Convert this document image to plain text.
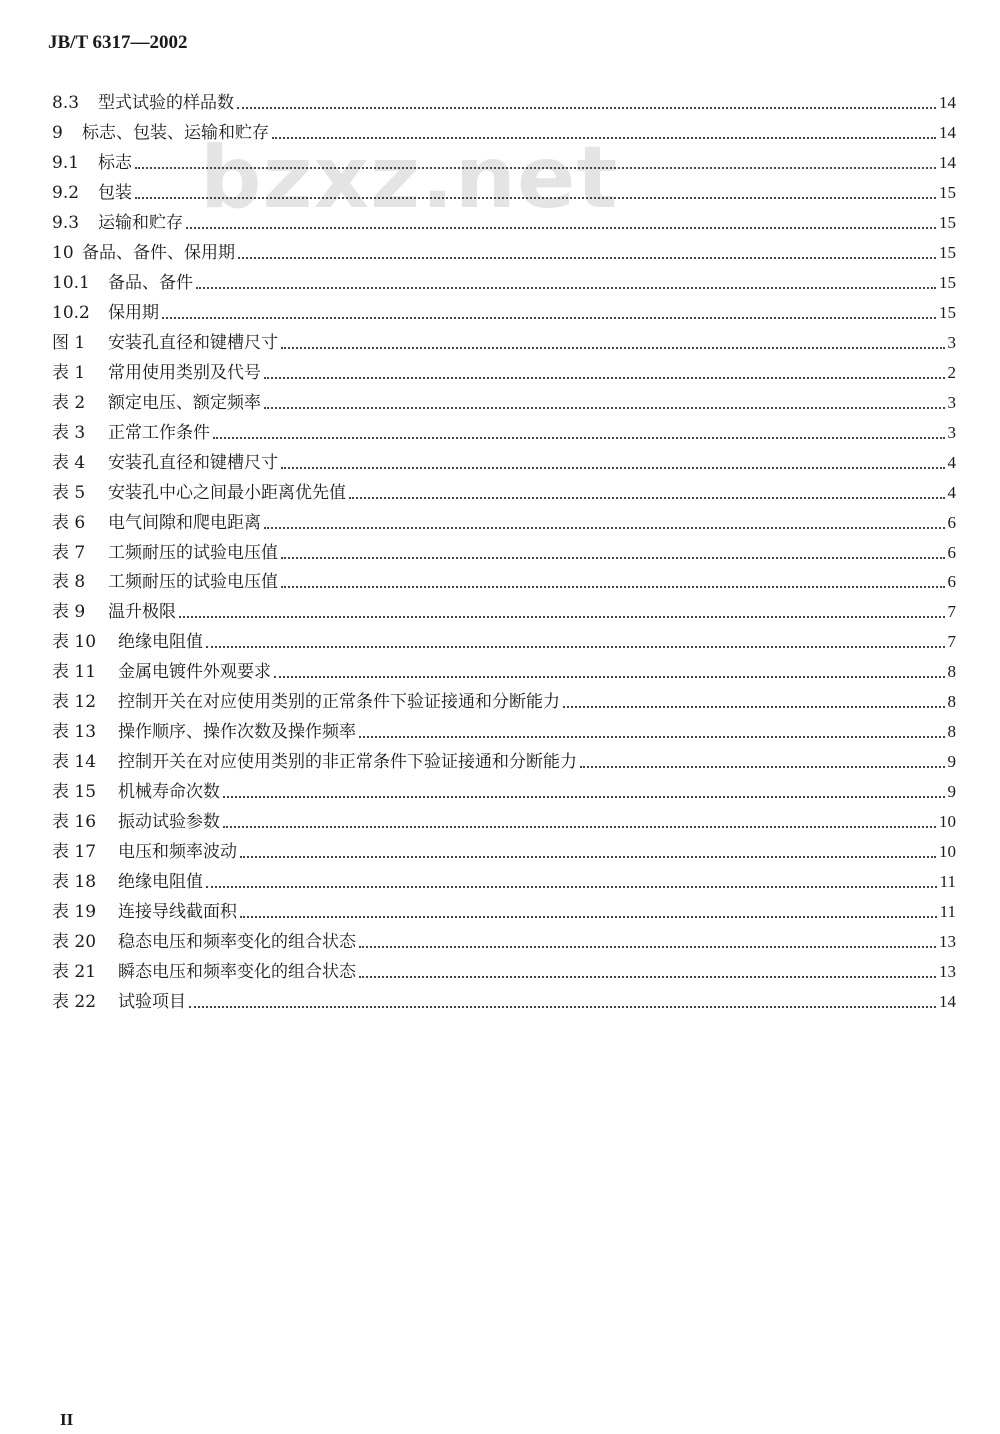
JB/T 6317—2002
bzxz.net
8.3	型式试验的样品数	14
9	标志、包装、运输和贮存	14
9.1	标志	14
9.2	包装	15
9.3	运输和贮存	15
10 备品、备件、保用期	15
10.1	备品、备件	15
10.2	保用期	15
图 1	安装孔直径和键槽尺寸	3
表 1	常用使用类别及代号	2
表 2	额定电压、额定频率	3
表 3	正常工作条件	3
表 4	安装孔直径和键槽尺寸	4
表 5	安装孔中心之间最小距离优先值	4
表 6	电气间隙和爬电距离	6
表 7	工频耐压的试验电压值	6
表 8	工频耐压的试验电压值	6
表 9	温升极限	7
表 10	绝缘电阻值	7
表 11	金属电镀件外观要求	8
表 12	控制开关在对应使用类别的正常条件下验证接通和分断能力	8
表 13	操作顺序、操作次数及操作频率	8
表 14	控制开关在对应使用类别的非正常条件下验证接通和分断能力	9
表 15	机械寿命次数	9
表 16	振动试验参数	10
表 17	电压和频率波动	10
表 18	绝缘电阻值	11
表 19	连接导线截面积	11
表 20	稳态电压和频率变化的组合状态	13
表 21	瞬态电压和频率变化的组合状态	13
表 22	试验项目	14
II
